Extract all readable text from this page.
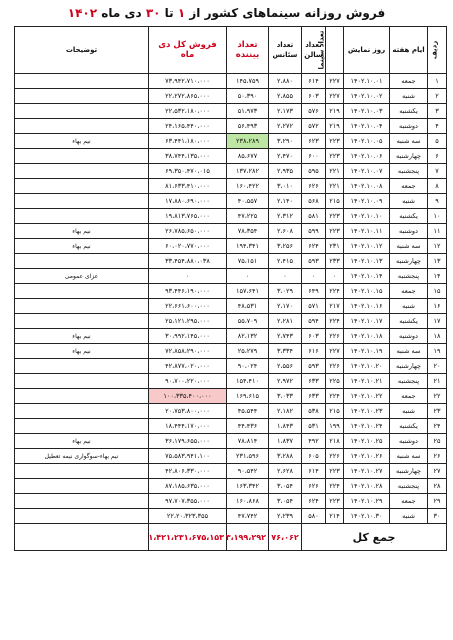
فروش روزانه سینماهای کشور از ۱ تا ۳۰ دی ماه ۱۴۰۲
ردیف	ایام هفته	روز نمایش	تعداد سینما	تعداد سالن	تعداد سئانس	تعداد بیننده	فروش کل دی ماه	توضیحات
۱	جمعه	۱۴۰۲.۱۰.۰۱	۲۲۷	۶۱۴	۲،۸۸۰	۱۴۵،۷۵۹	۷۳،۹۴۲،۷۱۰،۰۰۰	
۲	شنبه	۱۴۰۲.۱۰.۰۲	۲۲۷	۶۰۳	۲،۸۵۵	۵۰،۳۹۰	۲۲،۲۷۲،۸۶۵،۰۰۰	
۳	یکشنبه	۱۴۰۲.۱۰.۰۳	۲۱۹	۵۷۶	۲،۱۷۳	۵۱،۹۷۳	۲۲،۵۳۲،۱۸۰،۰۰۰	
۴	دوشنبه	۱۴۰۲.۱۰.۰۴	۲۱۹	۵۷۲	۲،۲۷۲	۵۶،۴۹۳	۲۴،۱۶۵،۴۴۰،۰۰۰	
۵	سه شنبه	۱۴۰۲.۱۰.۰۵	۲۲۳	۶۲۳	۳،۲۹۰	۲۳۸،۲۸۹	۶۳،۴۴۱،۱۸۰،۰۰۰	نیم بهاء
۶	چهارشنبه	۱۴۰۲.۱۰.۰۶	۲۲۳	۶۰۰	۲،۴۷۰	۸۵،۶۷۷	۳۸،۷۴۴،۱۳۵،۰۰۰	
۷	پنجشنبه	۱۴۰۲.۱۰.۰۷	۲۲۱	۵۹۵	۲،۹۳۵	۱۳۷،۲۸۲	۶۹،۳۵۰،۴۷۰،۰۱۵	
۸	جمعه	۱۴۰۲.۱۰.۰۸	۲۲۱	۶۲۶	۳،۰۱۰	۱۶۰،۴۲۲	۸۱،۶۳۳،۴۱۰،۰۰۰	
۹	شنبه	۱۴۰۲.۱۰.۰۹	۲۱۵	۵۶۸	۲،۱۴۰	۴۰،۵۵۷	۱۷،۸۸۰،۶۹۰،۰۰۰	
۱۰	یکشنبه	۱۴۰۲.۱۰.۱۰	۲۲۳	۵۸۱	۲،۳۱۲	۴۷،۲۲۵	۱۹،۸۱۳،۷۶۵،۰۰۰	
۱۱	دوشنبه	۱۴۰۲.۱۰.۱۱	۲۲۳	۵۹۹	۲،۶۰۸	۷۸،۳۵۴	۲۶،۷۸۵،۶۵۰،۰۰۰	نیم بهاء
۱۲	سه شنبه	۱۴۰۲.۱۰.۱۲	۲۳۱	۶۲۴	۳،۲۵۶	۱۹۴،۳۴۱	۶۰،۰۲۰،۷۷۰،۰۰۰	نیم بهاء
۱۳	چهارشنبه	۱۴۰۲.۱۰.۱۳	۲۳۳	۵۹۳	۲،۴۱۵	۷۵،۱۵۱	۳۳،۴۵۴،۸۸۰،۰۳۸	
۱۴	پنجشنبه	۱۴۰۲.۱۰.۱۴	۰	۰	۰	۰	۰	عزای عمومی
۱۵	جمعه	۱۴۰۲.۱۰.۱۵	۲۲۴	۶۴۹	۳،۰۲۹	۱۵۷،۶۴۱	۹۳،۴۴۶،۱۹۰،۰۰۰	
۱۶	شنبه	۱۴۰۲.۱۰.۱۶	۲۱۷	۵۷۱	۲،۱۷۰	۴۸،۵۳۱	۲۲،۶۶۱،۶۰۰،۰۰۰	
۱۷	یکشنبه	۱۴۰۲.۱۰.۱۷	۲۲۴	۵۹۴	۲،۲۸۱	۵۵،۷۰۹	۲۵،۱۲۱،۲۹۵،۰۰۰	
۱۸	دوشنبه	۱۴۰۲.۱۰.۱۸	۲۲۶	۶۰۳	۲،۷۴۳	۸۲،۱۳۲	۳۰،۹۹۲،۱۴۵،۰۰۰	نیم بهاء
۱۹	سه شنبه	۱۴۰۲.۱۰.۱۹	۲۲۷	۶۱۶	۳،۳۳۴	۲۵،۲۷۹	۷۲،۸۵۸،۲۹۰،۰۰۰	نیم بهاء
۲۰	چهارشنبه	۱۴۰۲.۱۰.۲۰	۲۲۶	۵۹۳	۲،۵۵۶	۹۰،۰۲۴	۴۲،۸۷۷،۰۲۰،۰۰۰	
۲۱	پنجشنبه	۱۴۰۲.۱۰.۲۱	۲۲۵	۶۳۳	۲،۹۷۲	۱۵۴،۴۱۰	۹۰،۷۰۰،۲۲۰،۰۰۰	
۲۲	جمعه	۱۴۰۲.۱۰.۲۲	۲۲۴	۶۳۳	۳،۰۳۳	۱۶۹،۶۱۵	۱۰۰،۳۳۵،۴۰۰،۰۰۰	
۲۳	شنبه	۱۴۰۲.۱۰.۲۳	۲۱۵	۵۳۸	۲،۱۸۲	۴۵،۵۴۴	۲۰،۷۵۳،۸۰۰،۰۰۰	
۲۴	یکشنبه	۱۴۰۲.۱۰.۲۴	۱۹۹	۵۳۱	۱،۸۴۳	۴۴،۴۳۶	۱۸،۴۴۴،۱۷۰،۰۰۰	
۲۵	دوشنبه	۱۴۰۲.۱۰.۲۵	۲۱۸	۴۹۲	۱،۸۳۷	۷۸،۸۱۴	۳۶،۱۷۹،۶۵۵،۰۰۰	نیم بهاء
۲۶	سه شنبه	۱۴۰۲.۱۰.۲۶	۲۲۶	۶۰۵	۳،۲۸۸	۲۳۱،۵۹۶	۷۵،۵۸۳،۹۴۱،۱۰۰	نیم بهاء-سوگواری نیمه تعطیل
۲۷	چهارشنبه	۱۴۰۲.۱۰.۲۷	۲۲۳	۶۱۴	۲،۶۲۸	۹۰،۵۴۲	۴۲،۸۰۶،۳۳۰،۰۰۰	
۲۸	پنجشنبه	۱۴۰۲.۱۰.۲۸	۲۲۴	۶۲۶	۳،۰۵۴	۱۶۳،۳۴۲	۸۷،۱۸۵،۶۳۵،۰۰۰	
۲۹	جمعه	۱۴۰۲.۱۰.۲۹	۲۲۳	۶۲۴	۳،۰۵۴	۱۶۰،۸۶۸	۹۷،۷۰۷،۳۵۵،۰۰۰	
۳۰	شنبه	۱۴۰۲.۱۰.۳۰	۲۱۴	۵۸۰	۲،۲۳۹	۴۷،۷۴۲	۲۲،۲۰،۳۲۳،۳۵۵	
جمع کل					۷۶،۰۶۲	۳،۱۹۹،۲۹۲	۱،۴۲۱،۲۳۱،۶۷۵،۱۵۳	
